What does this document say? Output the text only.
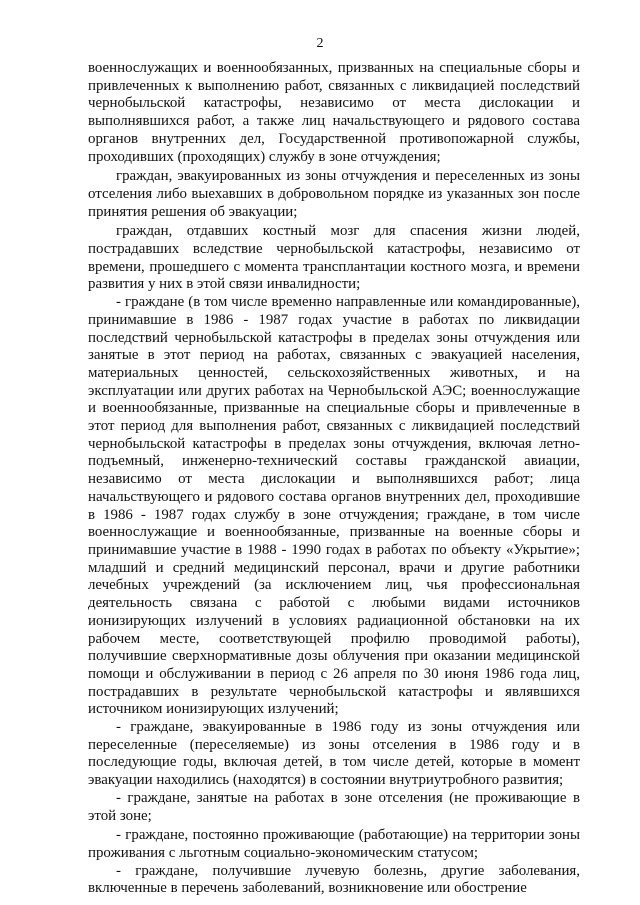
2

военнослужащих и военнообязанных, призванных на специальные сборы и привлеченных к выполнению работ, связанных с ликвидацией последствий чернобыльской катастрофы, независимо от места дислокации и выполнявшихся работ, а также лиц начальствующего и рядового состава органов внутренних дел, Государственной противопожарной службы, проходивших (проходящих) службу в зоне отчуждения;

граждан, эвакуированных из зоны отчуждения и переселенных из зоны отселения либо выехавших в добровольном порядке из указанных зон после принятия решения об эвакуации;

граждан, отдавших костный мозг для спасения жизни людей, пострадавших вследствие чернобыльской катастрофы, независимо от времени, прошедшего с момента трансплантации костного мозга, и времени развития у них в этой связи инвалидности;

- граждане (в том числе временно направленные или командированные), принимавшие в 1986 - 1987 годах участие в работах по ликвидации последствий чернобыльской катастрофы в пределах зоны отчуждения или занятые в этот период на работах, связанных с эвакуацией населения, материальных ценностей, сельскохозяйственных животных, и на эксплуатации или других работах на Чернобыльской АЭС; военнослужащие и военнообязанные, призванные на специальные сборы и привлеченные в этот период для выполнения работ, связанных с ликвидацией последствий чернобыльской катастрофы в пределах зоны отчуждения, включая летно-подъемный, инженерно-технический составы гражданской авиации, независимо от места дислокации и выполнявшихся работ; лица начальствующего и рядового состава органов внутренних дел, проходившие в 1986 - 1987 годах службу в зоне отчуждения; граждане, в том числе военнослужащие и военнообязанные, призванные на военные сборы и принимавшие участие в 1988 - 1990 годах в работах по объекту «Укрытие»; младший и средний медицинский персонал, врачи и другие работники лечебных учреждений (за исключением лиц, чья профессиональная деятельность связана с работой с любыми видами источников ионизирующих излучений в условиях радиационной обстановки на их рабочем месте, соответствующей профилю проводимой работы), получившие сверхнормативные дозы облучения при оказании медицинской помощи и обслуживании в период с 26 апреля по 30 июня 1986 года лиц, пострадавших в результате чернобыльской катастрофы и являвшихся источником ионизирующих излучений;

- граждане, эвакуированные в 1986 году из зоны отчуждения или переселенные (переселяемые) из зоны отселения в 1986 году и в последующие годы, включая детей, в том числе детей, которые в момент эвакуации находились (находятся) в состоянии внутриутробного развития;

- граждане, занятые на работах в зоне отселения (не проживающие в этой зоне;

- граждане, постоянно проживающие (работающие) на территории зоны проживания с льготным социально-экономическим статусом;

- граждане, получившие лучевую болезнь, другие заболевания, включенные в перечень заболеваний, возникновение или обострение
